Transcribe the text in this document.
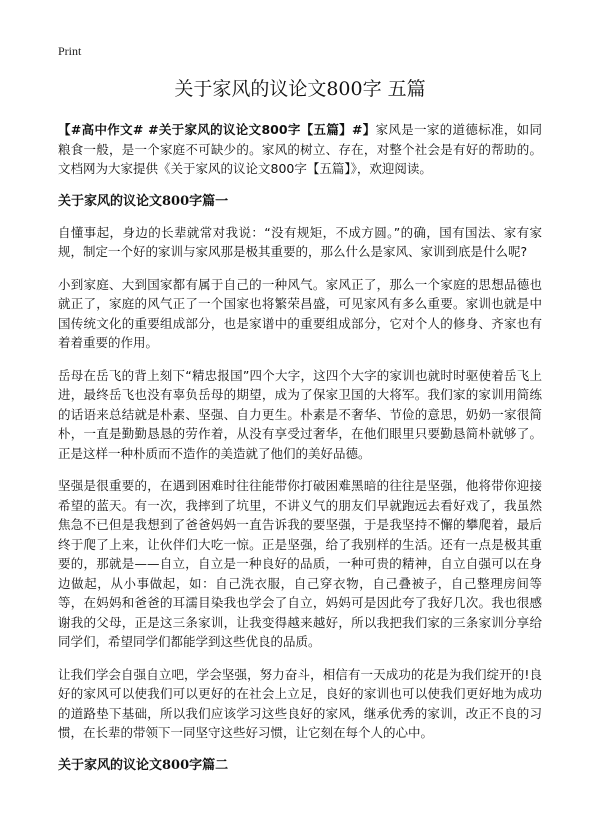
Print
关于家风的议论文800字 五篇

【#高中作文# #关于家风的议论文800字【五篇】#】家风是一家的道德标准，如同粮食一般，是一个家庭不可缺少的。家风的树立、存在，对整个社会是有好的帮助的。文档网为大家提供《关于家风的议论文800字【五篇】》，欢迎阅读。

关于家风的议论文800字篇一

自懂事起，身边的长辈就常对我说：“没有规矩，不成方圆。”的确，国有国法、家有家规，制定一个好的家训与家风那是极其重要的，那么什么是家风、家训到底是什么呢?

小到家庭、大到国家都有属于自己的一种风气。家风正了，那么一个家庭的思想品德也就正了，家庭的风气正了一个国家也将繁荣昌盛，可见家风有多么重要。家训也就是中国传统文化的重要组成部分，也是家谱中的重要组成部分，它对个人的修身、齐家也有着着重要的作用。

岳母在岳飞的背上刻下“精忠报国”四个大字，这四个大字的家训也就时时驱使着岳飞上进，最终岳飞也没有辜负岳母的期望，成为了保家卫国的大将军。我们家的家训用简练的话语来总结就是朴素、坚强、自力更生。朴素是不奢华、节俭的意思，奶奶一家很简朴，一直是勤勤恳恳的劳作着，从没有享受过奢华，在他们眼里只要勤恳简朴就够了。正是这样一种朴质而不造作的美造就了他们的美好品德。

坚强是很重要的，在遇到困难时往往能带你打破困难黑暗的往往是坚强，他将带你迎接希望的蓝天。有一次，我摔到了坑里，不讲义气的朋友们早就跑远去看好戏了，我虽然焦急不已但是我想到了爸爸妈妈一直告诉我的要坚强，于是我坚持不懈的攀爬着，最后终于爬了上来，让伙伴们大吃一惊。正是坚强，给了我别样的生活。还有一点是极其重要的，那就是——自立，自立是一种良好的品质，一种可贵的精神，自立自强可以在身边做起，从小事做起，如：自己洗衣服，自己穿衣物，自己叠被子，自己整理房间等等，在妈妈和爸爸的耳濡目染我也学会了自立，妈妈可是因此夸了我好几次。我也很感谢我的父母，正是这三条家训，让我变得越来越好，所以我把我们家的三条家训分享给同学们，希望同学们都能学到这些优良的品质。

让我们学会自强自立吧，学会坚强，努力奋斗，相信有一天成功的花是为我们绽开的!良好的家风可以使我们可以更好的在社会上立足，良好的家训也可以使我们更好地为成功的道路垫下基础，所以我们应该学习这些良好的家风，继承优秀的家训，改正不良的习惯，在长辈的带领下一同坚守这些好习惯，让它刻在每个人的心中。

关于家风的议论文800字篇二
